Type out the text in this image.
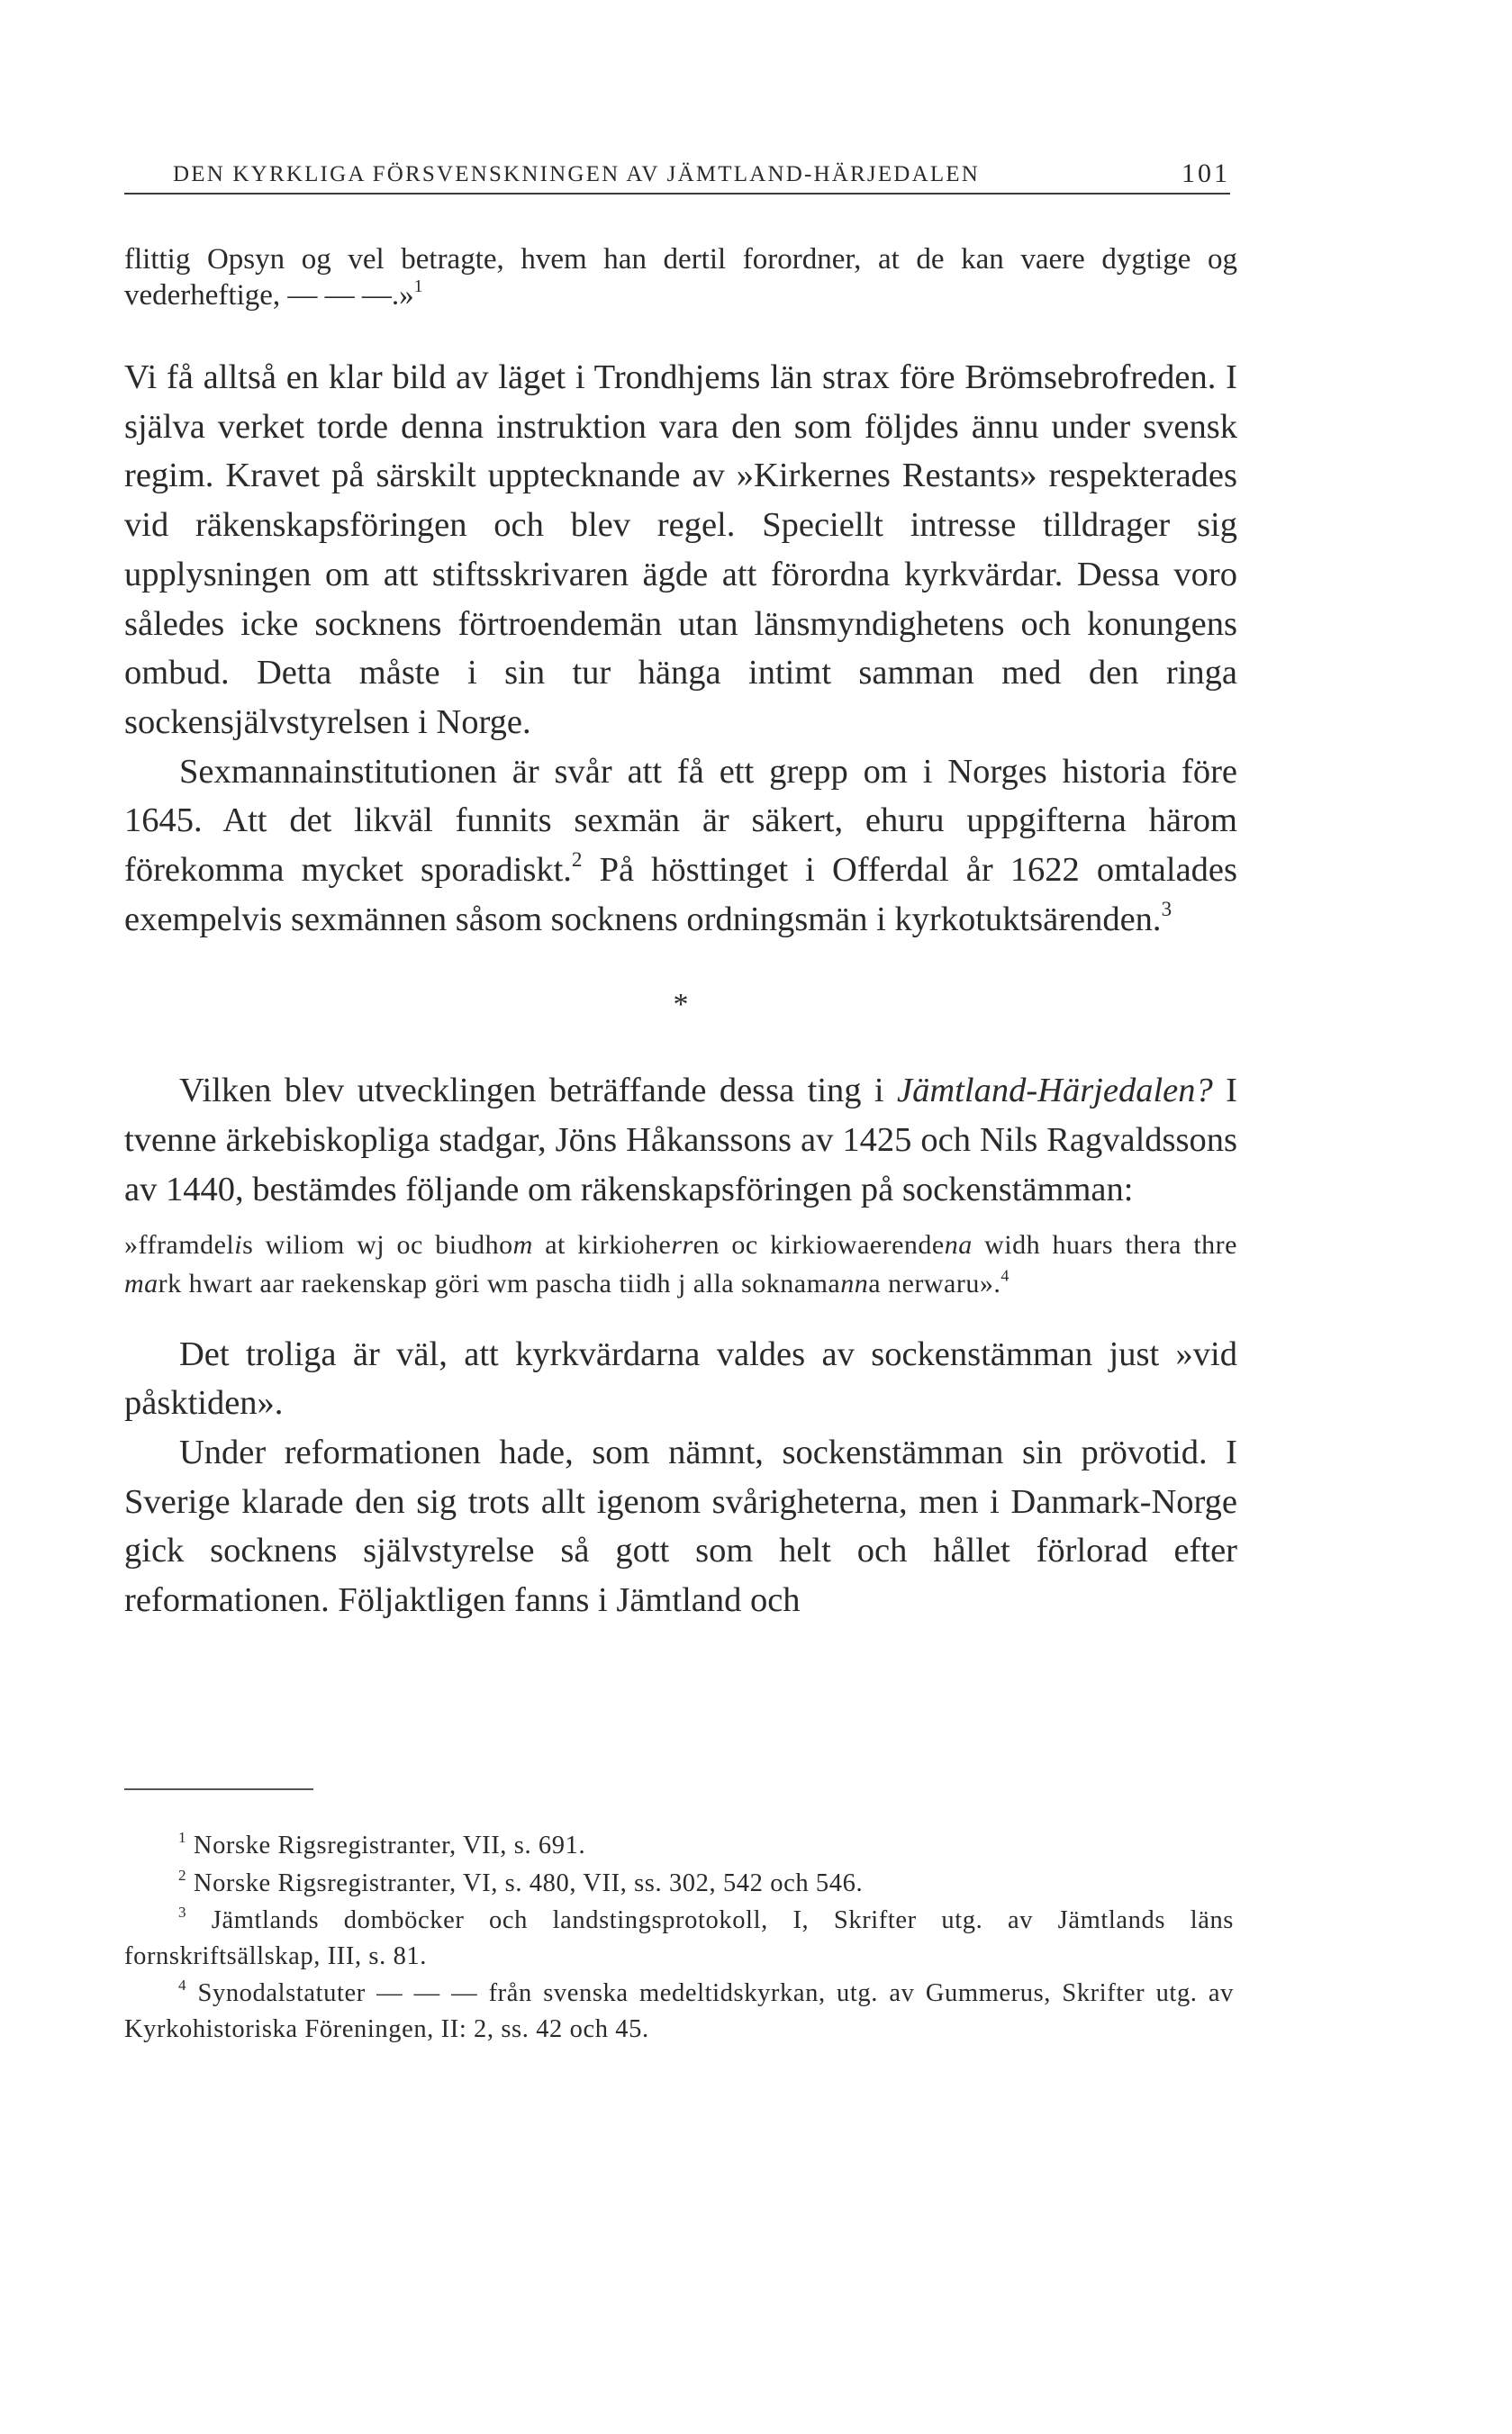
DEN KYRKLIGA FÖRSVENSKNINGEN AV JÄMTLAND-HÄRJEDALEN	101

flittig Opsyn og vel betragte, hvem han dertil forordner, at de kan vaere dygtige og vederheftige, — — —.»$^1$

Vi få alltså en klar bild av läget i Trondhjems län strax före Brömsebrofreden. I själva verket torde denna instruktion vara den som följdes ännu under svensk regim. Kravet på särskilt upptecknande av »Kirkernes Restants» respekterades vid räkenskapsföringen och blev regel. Speciellt intresse tilldrager sig upplysningen om att stiftsskrivaren ägde att förordna kyrkvärdar. Dessa voro således icke socknens förtroendemän utan länsmyndighetens och konungens ombud. Detta måste i sin tur hänga intimt samman med den ringa sockensjälvstyrelsen i Norge.

Sexmannainstitutionen är svår att få ett grepp om i Norges historia före 1645. Att det likväl funnits sexmän är säkert, ehuru uppgifterna härom förekomma mycket sporadiskt.$^2$ På hösttinget i Offerdal år 1622 omtalades exempelvis sexmännen såsom socknens ordningsmän i kyrkotuktsärenden.$^3$

*

Vilken blev utvecklingen beträffande dessa ting i Jämtland-Härjedalen? I tvenne ärkebiskopliga stadgar, Jöns Håkanssons av 1425 och Nils Ragvaldssons av 1440, bestämdes följande om räkenskapsföringen på sockenstämman:

»fframdelis wiliom wj oc biudhom at kirkioherren oc kirkiowaerendena widh huars thera thre mark hwart aar raekenskap göri wm pascha tiidh j alla soknamanna nerwaru».$^4$

Det troliga är väl, att kyrkvärdarna valdes av sockenstämman just »vid påsktiden».

Under reformationen hade, som nämnt, sockenstämman sin prövotid. I Sverige klarade den sig trots allt igenom svårigheterna, men i Danmark-Norge gick socknens självstyrelse så gott som helt och hållet förlorad efter reformationen. Följaktligen fanns i Jämtland och

$^1$ Norske Rigsregistranter, VII, s. 691.

$^2$ Norske Rigsregistranter, VI, s. 480, VII, ss. 302, 542 och 546.

$^3$ Jämtlands domböcker och landstingsprotokoll, I, Skrifter utg. av Jämtlands läns fornskriftsällskap, III, s. 81.

$^4$ Synodalstatuter — — — från svenska medeltidskyrkan, utg. av Gummerus, Skrifter utg. av Kyrkohistoriska Föreningen, II: 2, ss. 42 och 45.
